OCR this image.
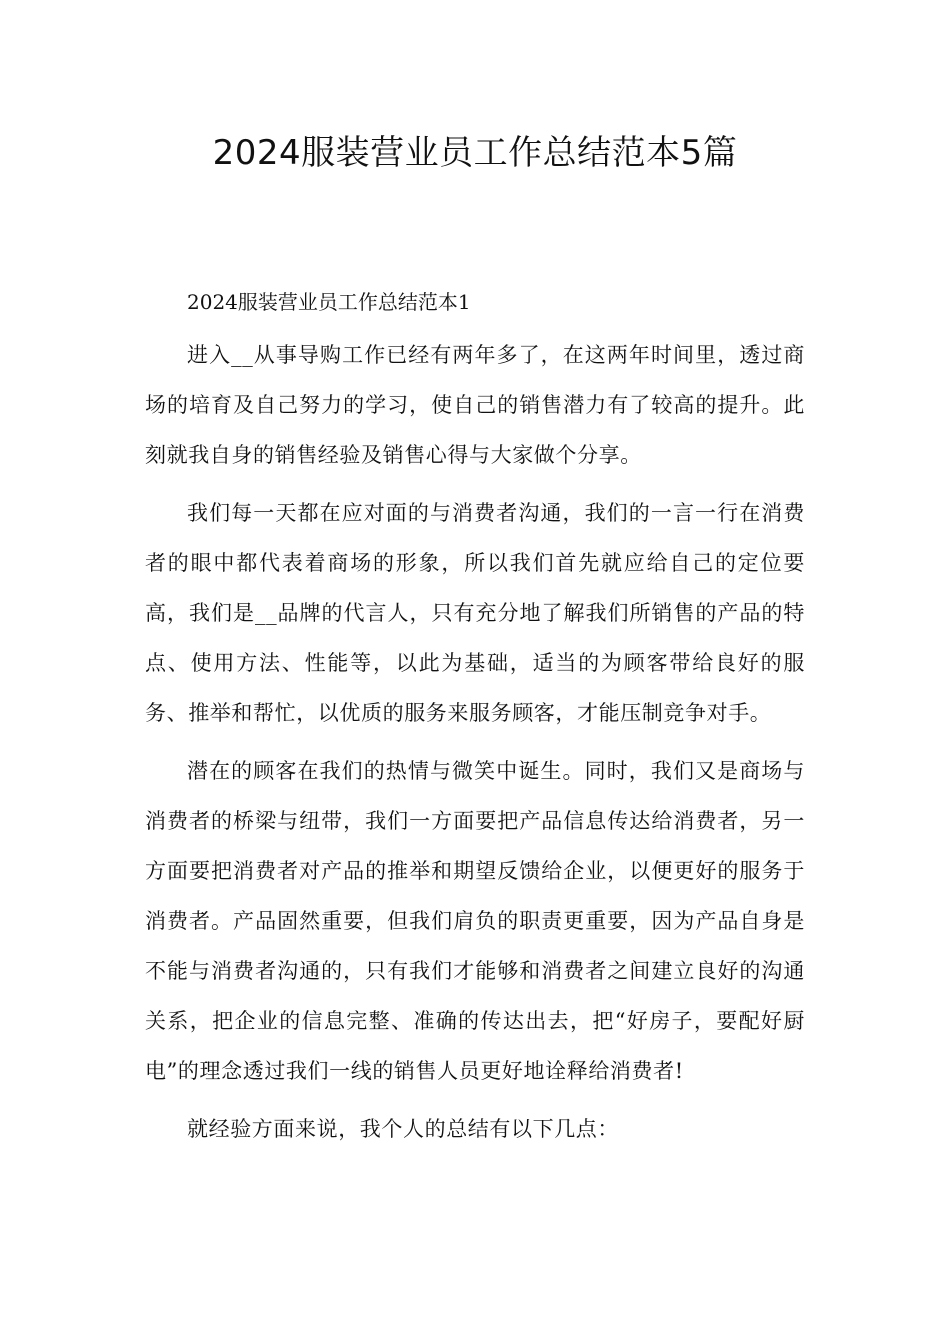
2024服装营业员工作总结范本5篇

2024服装营业员工作总结范本1

进入__从事导购工作已经有两年多了，在这两年时间里，透过商场的培育及自己努力的学习，使自己的销售潜力有了较高的提升。此刻就我自身的销售经验及销售心得与大家做个分享。

我们每一天都在应对面的与消费者沟通，我们的一言一行在消费者的眼中都代表着商场的形象，所以我们首先就应给自己的定位要高，我们是__品牌的代言人，只有充分地了解我们所销售的产品的特点、使用方法、性能等，以此为基础，适当的为顾客带给良好的服务、推举和帮忙，以优质的服务来服务顾客，才能压制竞争对手。

潜在的顾客在我们的热情与微笑中诞生。同时，我们又是商场与消费者的桥梁与纽带，我们一方面要把产品信息传达给消费者，另一方面要把消费者对产品的推举和期望反馈给企业，以便更好的服务于消费者。产品固然重要，但我们肩负的职责更重要，因为产品自身是不能与消费者沟通的，只有我们才能够和消费者之间建立良好的沟通关系，把企业的信息完整、准确的传达出去，把“好房子，要配好厨电”的理念透过我们一线的销售人员更好地诠释给消费者!

就经验方面来说，我个人的总结有以下几点：
